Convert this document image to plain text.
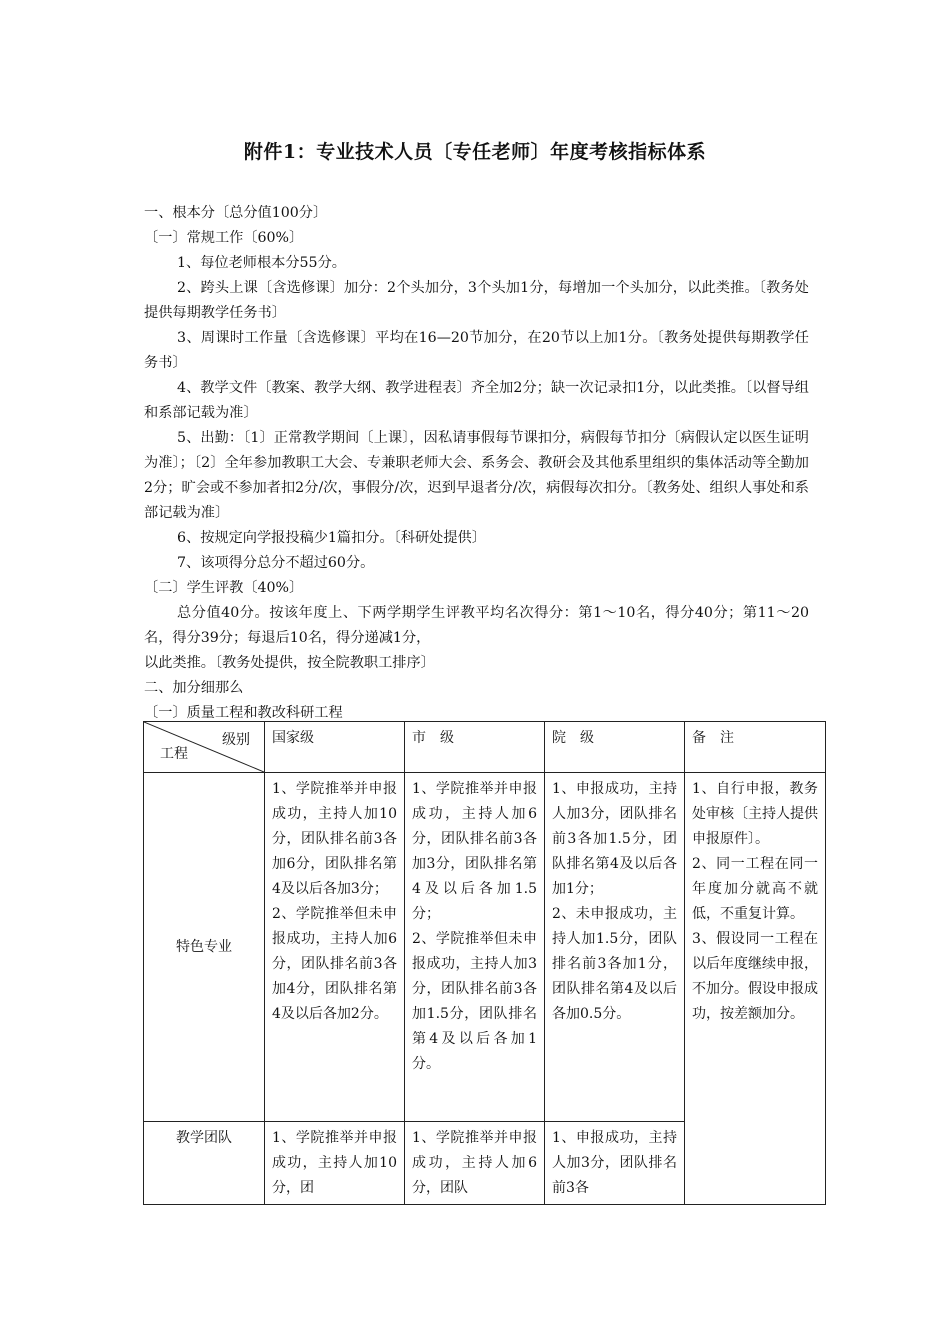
附件1：专业技术人员〔专任老师〕年度考核指标体系

一、根本分〔总分值100分〕

〔一〕常规工作〔60%〕

1、每位老师根本分55分。

2、跨头上课〔含选修课〕加分：2个头加分，3个头加1分，每增加一个头加分，以此类推。〔教务处提供每期教学任务书〕

3、周课时工作量〔含选修课〕平均在16—20节加分，在20节以上加1分。〔教务处提供每期教学任务书〕

4、教学文件〔教案、教学大纲、教学进程表〕齐全加2分；缺一次记录扣1分，以此类推。〔以督导组和系部记载为准〕

5、出勤：〔1〕正常教学期间〔上课〕，因私请事假每节课扣分，病假每节扣分〔病假认定以医生证明为准〕；〔2〕全年参加教职工大会、专兼职老师大会、系务会、教研会及其他系里组织的集体活动等全勤加2分；旷会或不参加者扣2分/次，事假分/次，迟到早退者分/次，病假每次扣分。〔教务处、组织人事处和系部记载为准〕

6、按规定向学报投稿少1篇扣分。〔科研处提供〕

7、该项得分总分不超过60分。

〔二〕学生评教〔40%〕

总分值40分。按该年度上、下两学期学生评教平均名次得分：第1～10名，得分40分；第11～20名，得分39分；每退后10名，得分递减1分，

以此类推。〔教务处提供，按全院教职工排序〕

二、加分细那么

〔一〕质量工程和教改科研工程

级别
工程	国家级	市　级	院　级	备　注
特色专业	1、学院推举并申报成功，主持人加10分，团队排名前3各加6分，团队排名第4及以后各加3分；
2、学院推举但未申报成功，主持人加6分，团队排名前3各加4分，团队排名第4及以后各加2分。	1、学院推举并申报成功，主持人加6分，团队排名前3各加3分，团队排名第4及以后各加1.5分；
2、学院推举但未申报成功，主持人加3分，团队排名前3各加1.5分，团队排名第4及以后各加1分。	1、申报成功，主持人加3分，团队排名前3各加1.5分，团队排名第4及以后各加1分；
2、未申报成功，主持人加1.5分，团队排名前3各加1分，团队排名第4及以后各加0.5分。	1、自行申报，教务处审核〔主持人提供申报原件〕。
2、同一工程在同一年度加分就高不就低，不重复计算。
3、假设同一工程在以后年度继续申报，不加分。假设申报成功，按差额加分。

教学团队	1、学院推举并申报成功，主持人加10分，团	1、学院推举并申报成功，主持人加6分，团队	1、申报成功，主持人加3分，团队排名前3各	
